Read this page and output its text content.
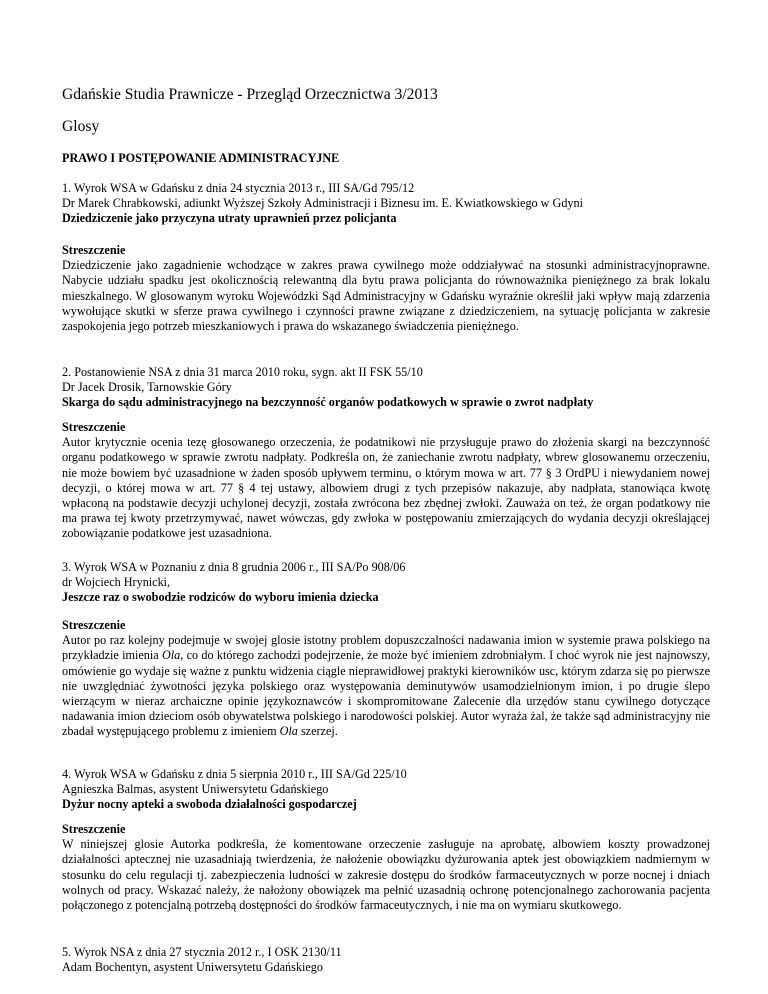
Gdańskie Studia Prawnicze - Przegląd Orzecznictwa 3/2013
Glosy
PRAWO I POSTĘPOWANIE ADMINISTRACYJNE
1. Wyrok WSA w Gdańsku z dnia 24 stycznia 2013 r., III SA/Gd 795/12
Dr Marek Chrabkowski, adiunkt Wyższej Szkoły Administracji i Biznesu im. E. Kwiatkowskiego w Gdyni
Dziedziczenie jako przyczyna utraty uprawnień przez policjanta
Streszczenie
Dziedziczenie jako zagadnienie wchodzące w zakres prawa cywilnego może oddziaływać na stosunki administracyjnoprawne. Nabycie udziału spadku jest okolicznością relewantną dla bytu prawa policjanta do równoważnika pieniężnego za brak lokalu mieszkalnego. W glosowanym wyroku Wojewódzki Sąd Administracyjny w Gdańsku wyraźnie określił jaki wpływ mają zdarzenia wywołujące skutki w sferze prawa cywilnego i czynności prawne związane z dziedziczeniem, na sytuację policjanta w zakresie zaspokojenia jego potrzeb mieszkaniowych i prawa do wskazanego świadczenia pieniężnego.
2. Postanowienie NSA z dnia 31 marca 2010 roku, sygn. akt II FSK 55/10
Dr Jacek Drosik, Tarnowskie Góry
Skarga do sądu administracyjnego na bezczynność organów podatkowych w sprawie o zwrot nadpłaty
Streszczenie
Autor krytycznie ocenia tezę głosowanego orzeczenia, że podatnikowi nie przysługuje prawo do złożenia skargi na bezczynność organu podatkowego w sprawie zwrotu nadpłaty. Podkreśla on, że zaniechanie zwrotu nadpłaty, wbrew glosowanemu orzeczeniu, nie może bowiem być uzasadnione w żaden sposób upływem terminu, o którym mowa w art. 77 § 3 OrdPU i niewydaniem nowej decyzji, o której mowa w art. 77 § 4 tej ustawy, albowiem drugi z tych przepisów nakazuje, aby nadpłata, stanowiąca kwotę wpłaconą na podstawie decyzji uchylonej decyzji, została zwrócona bez zbędnej zwłoki. Zauważa on też, że organ podatkowy nie ma prawa tej kwoty przetrzymywać, nawet wówczas, gdy zwłoka w postępowaniu zmierzających do wydania decyzji określającej zobowiązanie podatkowe jest uzasadniona.
3. Wyrok WSA w Poznaniu z dnia 8 grudnia 2006 r., III SA/Po 908/06
dr Wojciech Hrynicki,
Jeszcze raz o swobodzie rodziców do wyboru imienia dziecka
Streszczenie
Autor po raz kolejny podejmuje w swojej glosie istotny problem dopuszczalności nadawania imion w systemie prawa polskiego na przykładzie imienia Ola, co do którego zachodzi podejrzenie, że może być imieniem zdrobniałym. I choć wyrok nie jest najnowszy, omówienie go wydaje się ważne z punktu widzenia ciągle nieprawidłowej praktyki kierowników usc, którym zdarza się po pierwsze nie uwzględniać żywotności języka polskiego oraz występowania deminutywów usamodzielnionym imion, i po drugie ślepo wierzącym w nieraz archaiczne opinie językoznawców i skompromitowane Zalecenie dla urzędów stanu cywilnego dotyczące nadawania imion dzieciom osób obywatelstwa polskiego i narodowości polskiej. Autor wyraża żal, że także sąd administracyjny nie zbadał występującego problemu z imieniem Ola szerzej.
4. Wyrok WSA w Gdańsku z dnia 5 sierpnia 2010 r., III SA/Gd 225/10
Agnieszka Balmas, asystent Uniwersytetu Gdańskiego
Dyżur nocny apteki a swoboda działalności gospodarczej
Streszczenie
W niniejszej glosie Autorka podkreśla, że komentowane orzeczenie zasługuje na aprobatę, albowiem koszty prowadzonej działalności aptecznej nie uzasadniają twierdzenia, że nałożenie obowiązku dyżurowania aptek jest obowiązkiem nadmiernym w stosunku do celu regulacji tj. zabezpieczenia ludności w zakresie dostępu do środków farmaceutycznych w porze nocnej i dniach wolnych od pracy. Wskazać należy, że nałożony obowiązek ma pełnić uzasadnią ochronę potencjonalnego zachorowania pacjenta połączonego z potencjalną potrzebą dostępności do środków farmaceutycznych, i nie ma on wymiaru skutkowego.
5. Wyrok NSA z dnia 27 stycznia 2012 r., I OSK 2130/11
Adam Bochentyn, asystent Uniwersytetu Gdańskiego
